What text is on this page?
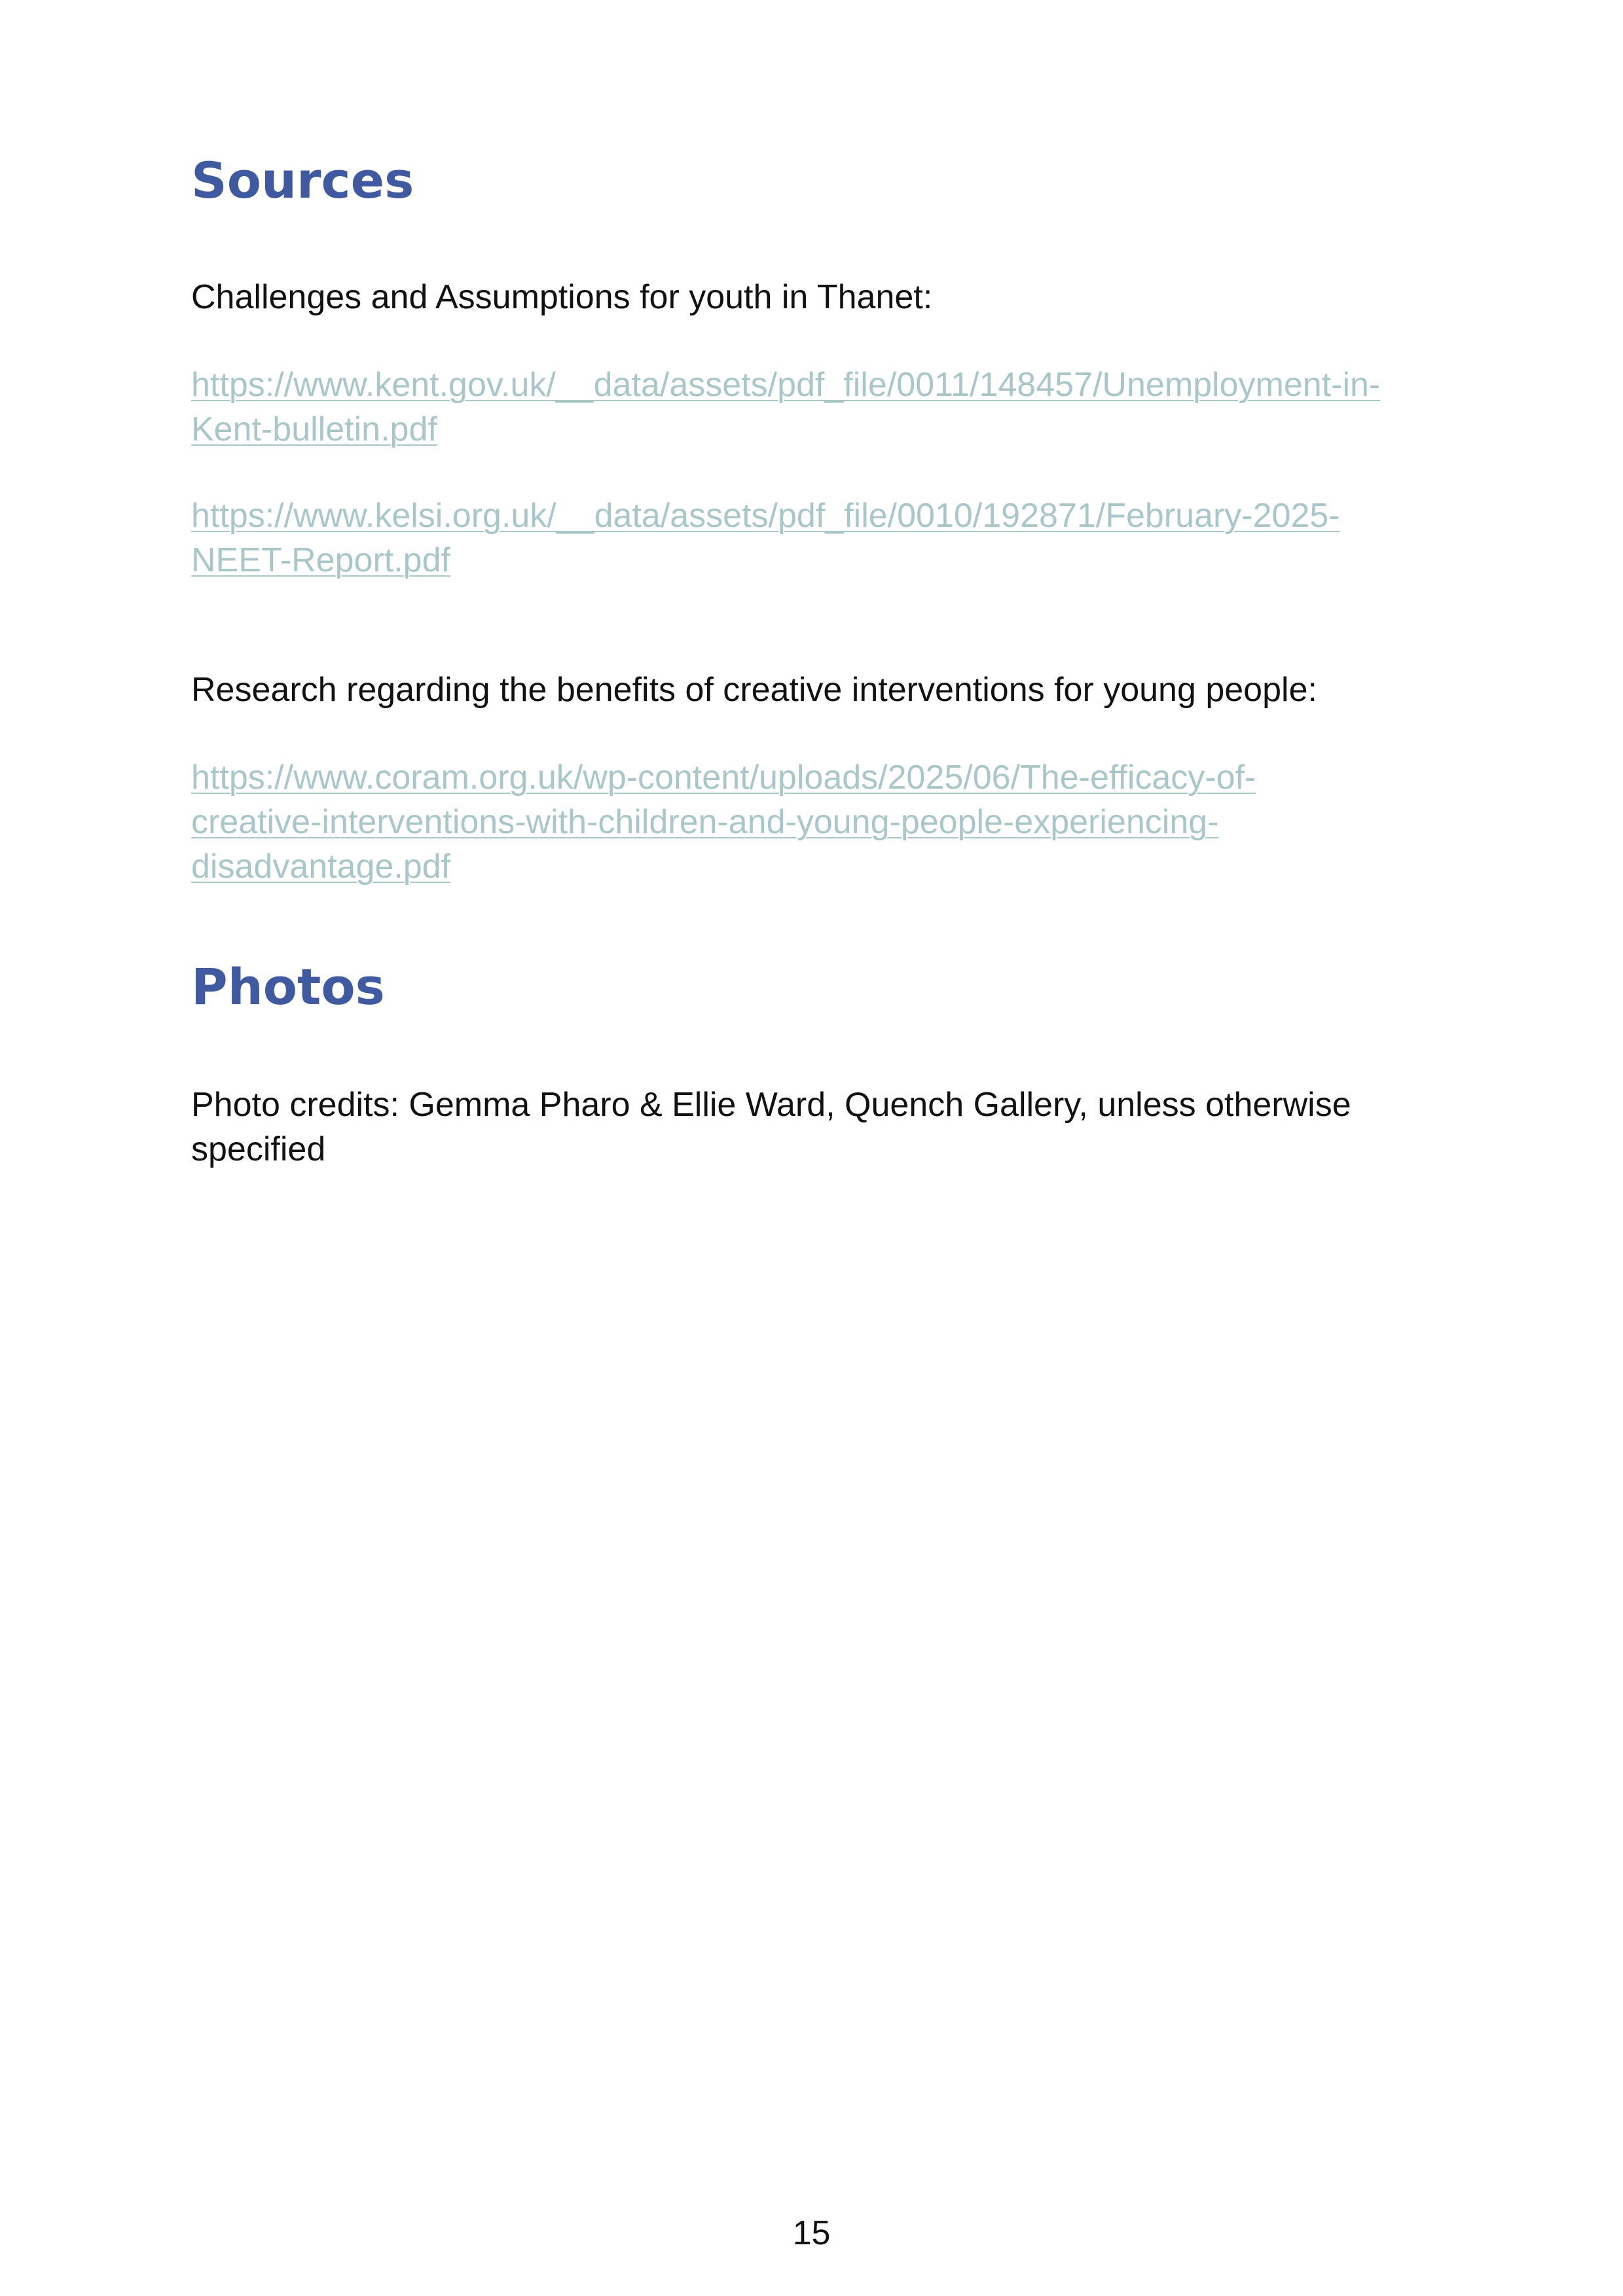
Sources

Challenges and Assumptions for youth in Thanet:

https://www.kent.gov.uk/__data/assets/pdf_file/0011/148457/Unemployment-in-
Kent-bulletin.pdf
https://www.kelsi.org.uk/__data/assets/pdf_file/0010/192871/February-2025-
NEET-Report.pdf

Research regarding the benefits of creative interventions for young people:

https://www.coram.org.uk/wp-content/uploads/2025/06/The-efficacy-of-
creative-interventions-with-children-and-young-people-experiencing-
disadvantage.pdf
Photos

Photo credits: Gemma Pharo & Ellie Ward, Quench Gallery, unless otherwise

specified

15
